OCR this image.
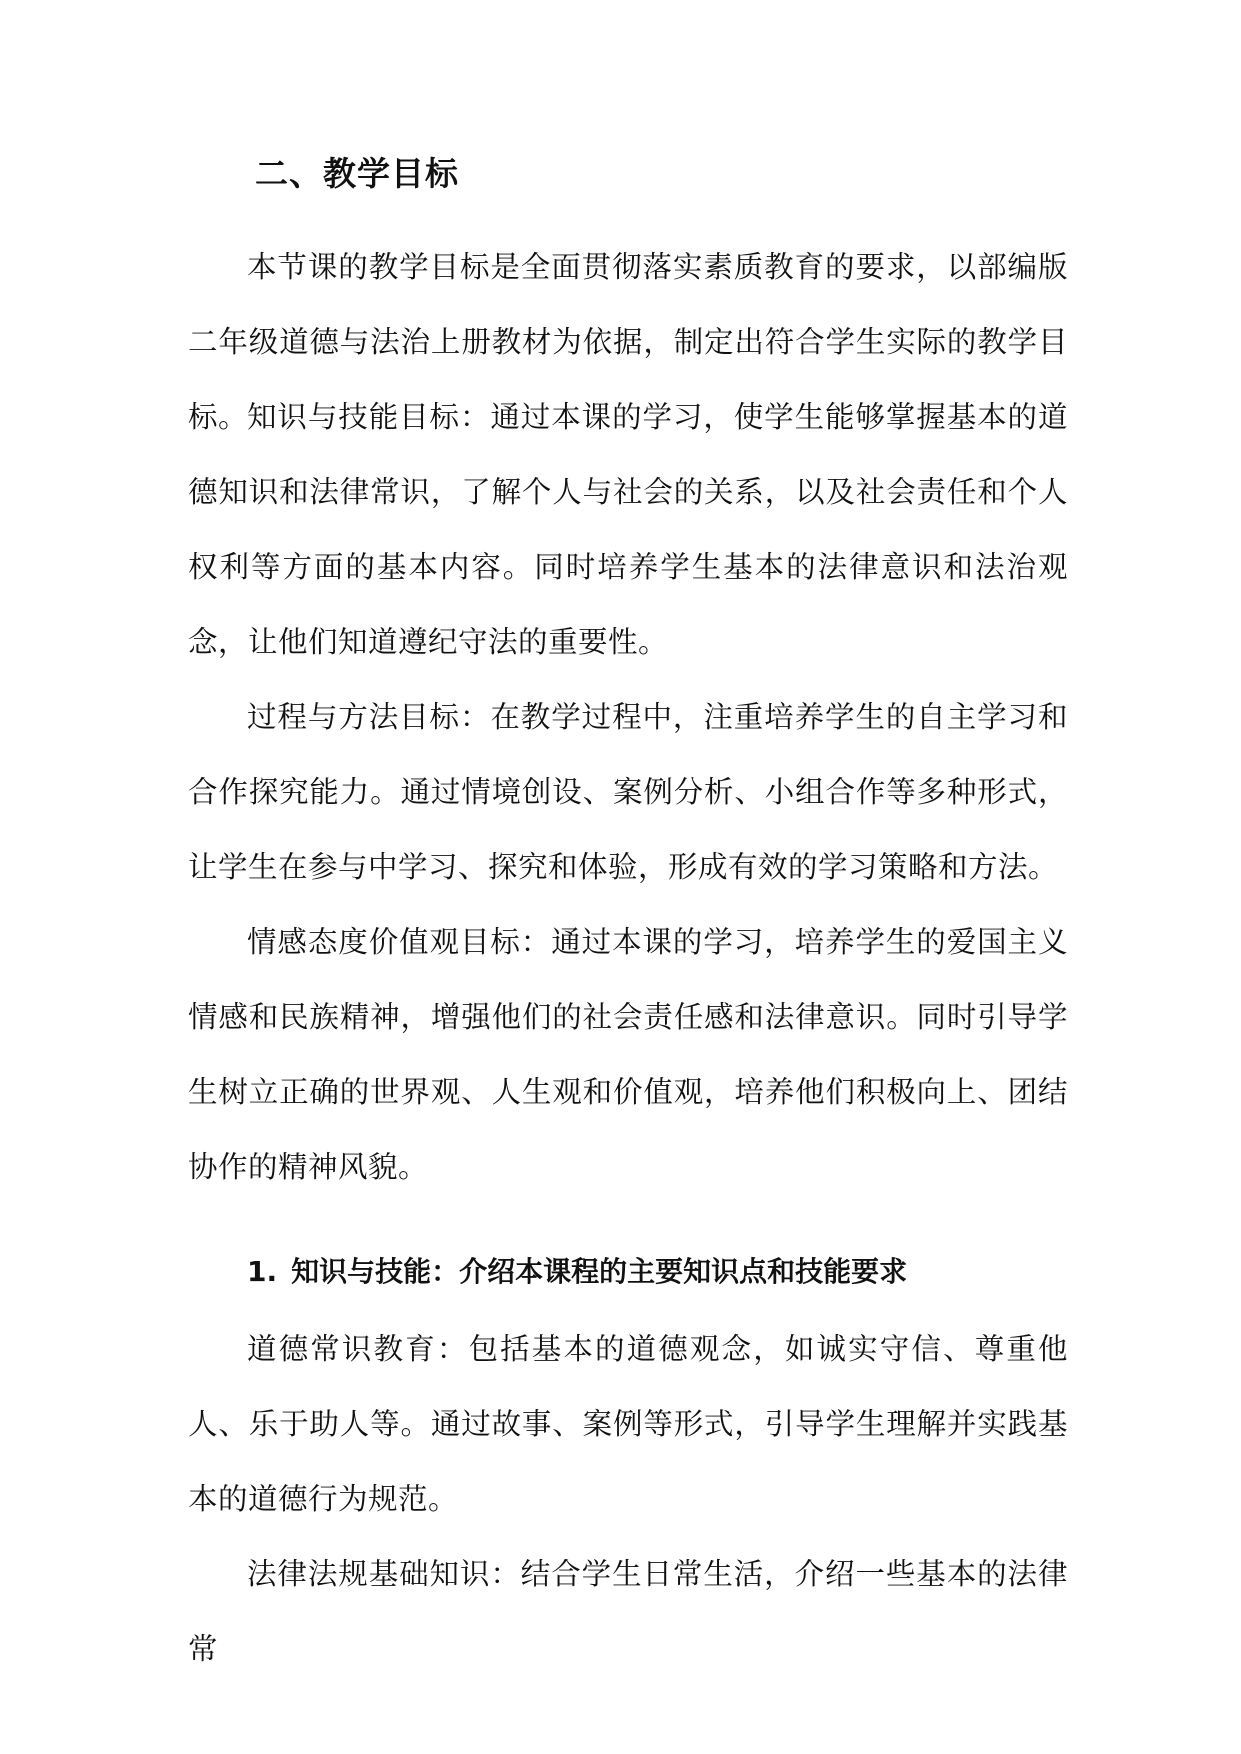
二、教学目标

本节课的教学目标是全面贯彻落实素质教育的要求，以部编版二年级道德与法治上册教材为依据，制定出符合学生实际的教学目标。

知识与技能目标：通过本课的学习，使学生能够掌握基本的道德知识和法律常识，了解个人与社会的关系，以及社会责任和个人权利等方面的基本内容。同时培养学生基本的法律意识和法治观念，让他们知道遵纪守法的重要性。

过程与方法目标：在教学过程中，注重培养学生的自主学习和合作探究能力。通过情境创设、案例分析、小组合作等多种形式，让学生在参与中学习、探究和体验，形成有效的学习策略和方法。

情感态度价值观目标：通过本课的学习，培养学生的爱国主义情感和民族精神，增强他们的社会责任感和法律意识。同时引导学生树立正确的世界观、人生观和价值观，培养他们积极向上、团结协作的精神风貌。

1. 知识与技能：介绍本课程的主要知识点和技能要求

道德常识教育：包括基本的道德观念，如诚实守信、尊重他人、乐于助人等。通过故事、案例等形式，引导学生理解并实践基本的道德行为规范。

法律法规基础知识：结合学生日常生活，介绍一些基本的法律常
